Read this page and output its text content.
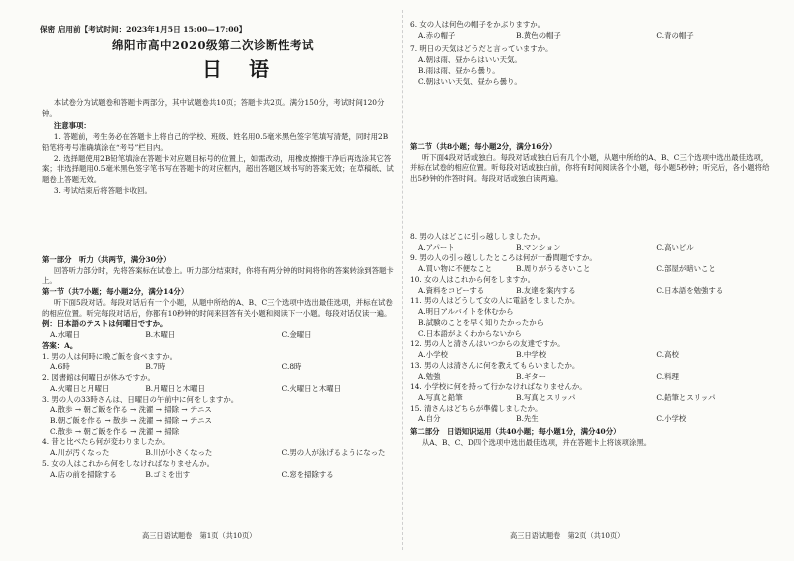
保密 启用前【考试时间：2023年1月5日 15:00—17:00】
绵阳市高中2020级第二次诊断性考试
日 语

本试卷分为试题卷和答题卡两部分，其中试题卷共10页；答题卡共2页。满分150分，考试时间120分钟。

注意事项：

1. 答题前，考生务必在答题卡上将自己的学校、班级、姓名用0.5毫米黑色签字笔填写清楚，同时用2B铅笔将考号准确填涂在“考号”栏目内。

2. 选择题使用2B铅笔填涂在答题卡对应题目标号的位置上，如需改动，用橡皮擦擦干净后再选涂其它答案；非选择题用0.5毫米黑色签字笔书写在答题卡的对应框内，超出答题区域书写的答案无效；在草稿纸、试题卷上答题无效。

3. 考试结束后将答题卡收回。

第一部分　听力（共两节，满分30分）

回答听力部分时，先将答案标在试卷上。听力部分结束时，你将有两分钟的时间将你的答案转涂到答题卡上。

第一节（共7小题；每小题2分，满分14分）

听下面5段对话。每段对话后有一个小题，从题中所给的A、B、C三个选项中选出最佳选项，并标在试卷的相应位置。听完每段对话后，你都有10秒钟的时间来回答有关小题和阅读下一小题。每段对话仅读一遍。

例：日本語のテストは何曜日ですか。

A.水曜日	B.木曜日	C.金曜日

答案：A。

1. 男の人は何時に晩ご飯を食べますか。

A.6時	B.7時	C.8時

2. 図書館は何曜日が休みですか。

A.火曜日と月曜日	B.月曜日と木曜日	C.火曜日と木曜日

3. 男の人の33時さんは、日曜日の午前中に何をしますか。

A.散歩 → 朝ご飯を作る → 洗濯 → 掃除 → テニス
B.朝ご飯を作る → 散歩 → 洗濯 → 掃除 → テニス
C.散歩 → 朝ご飯を作る → 洗濯 → 掃除

4. 昔と比べたら何が変わりましたか。

A.川が汚くなった	B.川が小さくなった	C.男の人が泳げるようになった

5. 女の人はこれから何をしなければなりませんか。

A.店の前を掃除する	B.ゴミを出す	C.窓を掃除する
高三日语试题卷　第1页（共10页）

6. 女の人は何色の帽子をかぶりますか。

A.赤の帽子	B.黄色の帽子	C.青の帽子

7. 明日の天気はどうだと言っていますか。

A.朝は雨、昼からはいい天気。
B.雨は雨、昼から曇り。
C.朝はいい天気、昼から曇り。

第二节（共8小题；每小题2分，满分16分）

听下面4段对话或独白。每段对话或独白后有几个小题，从题中所给的A、B、C三个选项中选出最佳选项，并标在试卷的相应位置。听每段对话或独白前，你将有时间阅读各个小题，每小题5秒钟；听完后，各小题将给出5秒钟的作答时间。每段对话或独白读两遍。

8. 男の人はどこに引っ越ししましたか。

A.アパート	B.マンション	C.高いビル

9. 男の人の引っ越ししたところは何が一番問題ですか。

A.買い物に不便なこと	B.周りがうるさいこと	C.部屋が暗いこと

10. 女の人はこれから何をしますか。

A.資料をコピーする	B.友達を案内する	C.日本語を勉強する

11. 男の人はどうして女の人に電話をしましたか。

A.明日アルバイトを休むから
B.試験のことを早く知りたかったから
C.日本語がよくわからないから

12. 男の人と清さんはいつからの友達ですか。

A.小学校	B.中学校	C.高校

13. 男の人は清さんに何を教えてもらいましたか。

A.勉強	B.ギター	C.料理

14. 小学校に何を持って行かなければなりませんか。

A.写真と鉛筆	B.写真とスリッパ	C.鉛筆とスリッパ

15. 清さんはどちらが準備しましたか。

A.自分	B.先生	C.小学校

第二部分　日语知识运用（共40小题；每小题1分，满分40分）

从A、B、C、D四个选项中选出最佳选项，并在答题卡上将该项涂黑。

高三日语试题卷　第2页（共10页）
